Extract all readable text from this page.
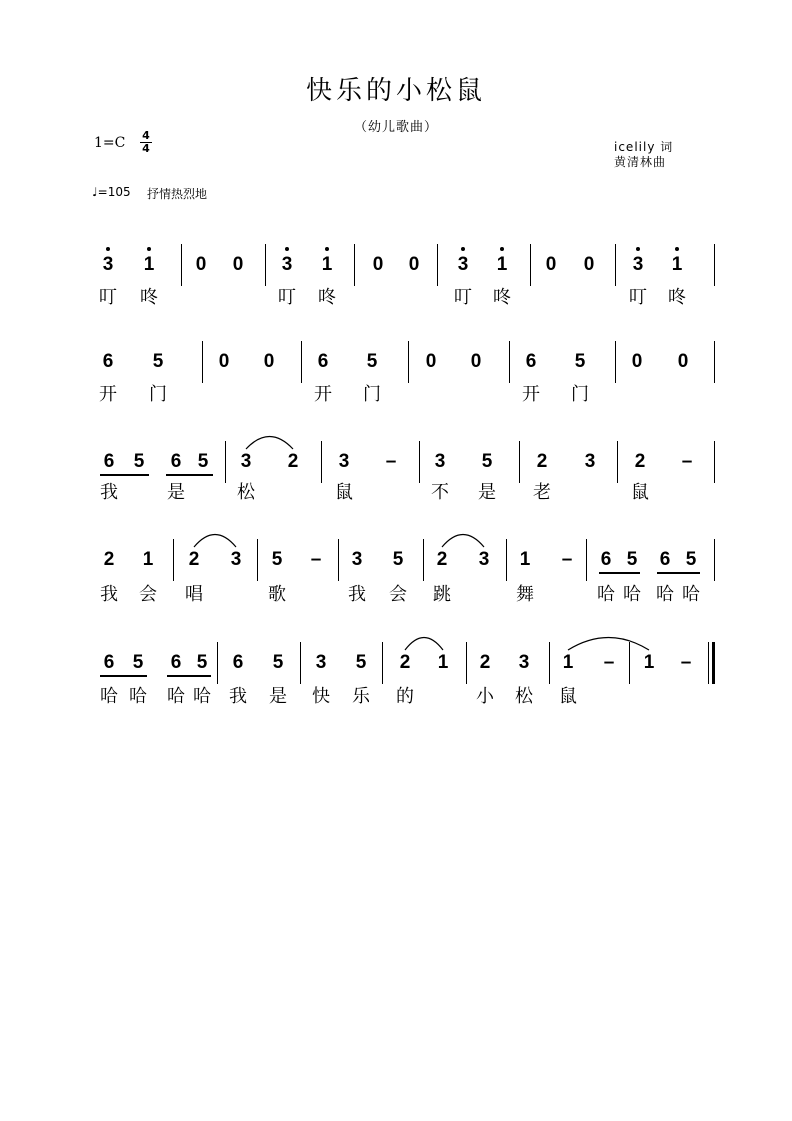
快乐的小松鼠
（幼儿歌曲）
1=C 4
4	icelily 词
黄清林曲
♩=105 抒情热烈地
3 1 0 0 3 1 0 0 3 1 0 0 3 1
叮 咚	叮 咚	叮 咚	叮 咚
6 5	0 0 6 5	0 0 6 5 0 0
开 门	开 门	开 门
6 5 6 5 3 2 3 – 3 5 2 3 2 –
我	是	松	鼠	不 是 老	鼠
2 1 2 3 5 – 3 5 2 3 1 – 6 5 6 5
我 会 唱	歌	我 会 跳	舞	哈 哈 哈 哈
6 5 6 5 6 5 3 5 2 1 2 3 1 – 1 –
哈 哈 哈 哈 我 是 快 乐 的	小 松 鼠
